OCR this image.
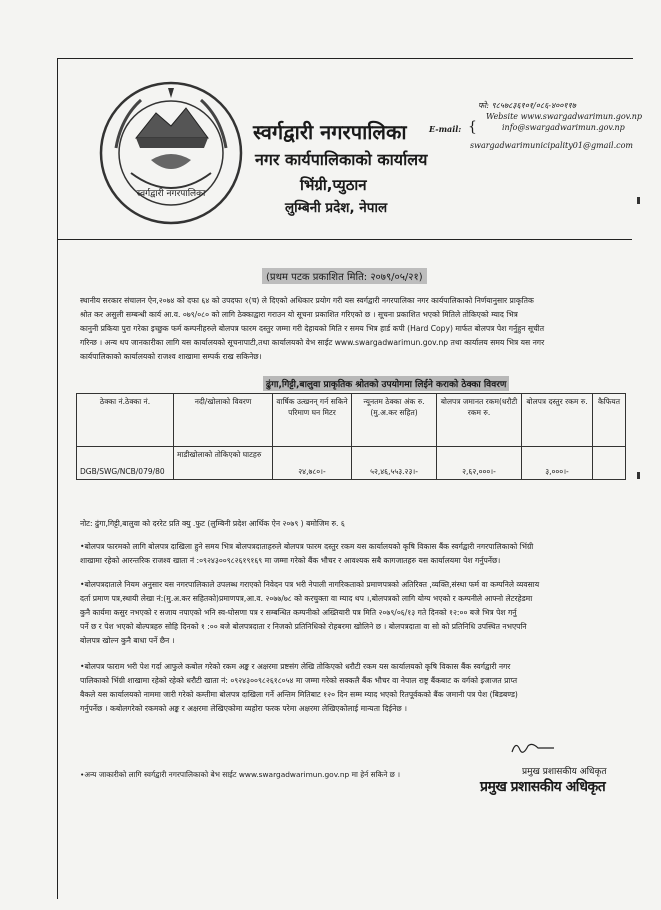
स्वर्गद्वारी नगरपालिका
स्वर्गद्वारी नगरपालिका
नगर कार्यपालिकाको कार्यालय
भिंग्री,प्युठान
लुम्बिनी प्रदेश, नेपाल
फो: ९८५७८३६१०१/०८६-४००११७
Website www.swargadwarimun.gov.np
E-mail: {	info@swargadwarimun.gov.np
swargadwarimunicipality01@gmail.com
(प्रथम पटक प्रकाशित मिति: २०७९/०५/२१)
स्थानीय सरकार संचालन ऐन,२०७४ को दफा ६४ को उपदफा १(च) ले दिएको अधिकार प्रयोग गरी यस स्वर्गद्वारी नगरपालिका नगर कार्यपालिकाको निर्णयानुसार प्राकृतिक
श्रोत कर असुली सम्बन्धी कार्य आ.व. ०७९/०८० को लागि ठेक्काद्वारा गराउन यो सूचना प्रकाशित गरिएको छ । सूचना प्रकाशित भएको मितिले तोकिएको म्याद भित्र
कानुनी प्रकिया पुरा गरेका इच्छुक फर्म कम्पनीहरुले बोलपत्र फारम दस्तुर जम्मा गरी देहायको मिति र समय भित्र हार्ड कपी (Hard Copy) मार्फत बोलपत्र पेश गर्नुहुन सूचीत
गरिन्छ । अन्य थप जानकारीका लागि यस कार्यालयको सूचनापाटी,तथा कार्यालयको वेभ साईट www.swargadwarimun.gov.np तथा कार्यालय समय भित्र यस नगर
कार्यपालिकाको कार्यालयको राजश्व शाखामा सम्पर्क राख सकिनेछ।
ढुंगा,गिट्टी,बालुवा प्राकृतिक श्रोतको उपयोगमा लिईने कराको ठेक्का विवरण
ठेक्का नं.ठेक्का नं.	नदी/खोलाको विवरण	वार्षिक उत्खनन् गर्न सकिने परिमाण घन मिटर	न्यूनतम ठेक्का अंक रु.(मु.अ.कर सहित)	बोलपत्र जमानत रकम(धरौटी रकम रु.	बोलपत्र दस्तुर रकम रु.	कैफियत
DGB/SWG/NCB/079/80	माडीखोलाको तोकिएको घाटहरु	२४,७८०।-	५२,४६,५५३.२३।-	२,६२,०००।-	३,०००।-	
नोट: ढुंगा,गिट्टी,बालुवा को दररेट प्रति क्यु .फुट (लुम्बिनी प्रदेश आर्थिक ऐन २०७९ ) बमोजिम रु. ६
•बोलपत्र फारमको लागि बोलपत्र दाखिला हुने समय भित्र बोलपत्रदाताहरुले बोलपत्र फारम दस्तुर रकम यस कार्यालयको कृषि विकास बैंक स्वर्गद्वारी नगरपालिकाको भिंग्री
शाखामा रहेको आरन्तरिक राजश्व खाता नं :०९२४३००९८२६१९१६९ मा जम्मा गरेको बैंक भौचर र आवश्यक सबै कागजातहरु यस कार्यालयमा पेश गर्नुपर्नेछ।
•बोलपत्रदाताले नियम अनुसार यस नगरपालिकाले उपलब्ध गराएको निवेदन पत्र भरी नेपाली नागरिकताको प्रमाणपत्रको अतिरिक्त ,व्यक्ति,संस्था फर्म वा कम्पनिले व्यवसाय
दर्ता प्रमाण पत्र,स्थायी लेखा नं:(मु.अ.कर सहितको)प्रमाणपत्र,आ.व. २०७७/७८ को करचुक्ता वा म्याद थप ।,बोलपत्रको लागि योग्य भएको र कम्पनीले आफ्नो लेटरहेडमा
कुनै कार्यमा कसुर नभएको र सजाय नपाएको भनि स्व-घोसणा पत्र र सम्बन्धित कम्पनीको अख्तियारी पत्र मिति २०७९/०६/१३ गते दिनको १२:०० बजे भित्र पेश गर्नु
पर्ने छ र पेश भएको बोल्पत्रहरु सोहि दिनको १ :०० बजे बोलपत्रदाता र निजको प्रतिनिधिको रोहबरमा खोलिने छ । बोलपत्रदाता वा सो को प्रतिनिधि उपस्थित नभएपनि
बोलपत्र खोल्न कुनै बाधा पर्ने छैन ।
•बोलपत्र फाराम भरी पेश गर्दा आफुले कबोल गरेको रकम अङ्क र अक्षरमा प्रष्टसंग लेखि तोकिएको धरौटी रकम यस कार्यालयको कृषि विकास बैंक स्वर्गद्वारी नगर
पालिकाको भिंग्री शाखामा रहेको रहेको धरौटी खाता नं: ०९२४३००९८२६१८०५४ मा जम्मा गरेको सक्कलै बैंक भौचर वा नेपाल राष्ट्र बैंकबाट क वर्गको इजाजत प्राप्त
बैकले यस कार्यालयको नाममा जारी गरेको कम्तीमा बोलपत्र दाखिला गर्ने अन्तिम मितिबाट १२० दिन सम्म म्याद भएको रितपूर्वकको बैंक जमानी पत्र पेश (बिडबण्ड)
गर्नुपर्नेछ । कबोलगरेको रकमको अङ्क र अक्षरमा लेखिएकोमा व्यहोरा फरक परेमा अक्षरमा लेखिएकोलाई मान्यता दिईनेछ ।
•अन्य जाकारीको लागि स्वर्गद्वारी नगरपालिकाको बेभ साईट www.swargadwarimun.gov.np मा हेर्न सकिने छ ।	प्रमुख प्रशासकीय अधिकृत
प्रमुख प्रशासकीय अधिकृत
